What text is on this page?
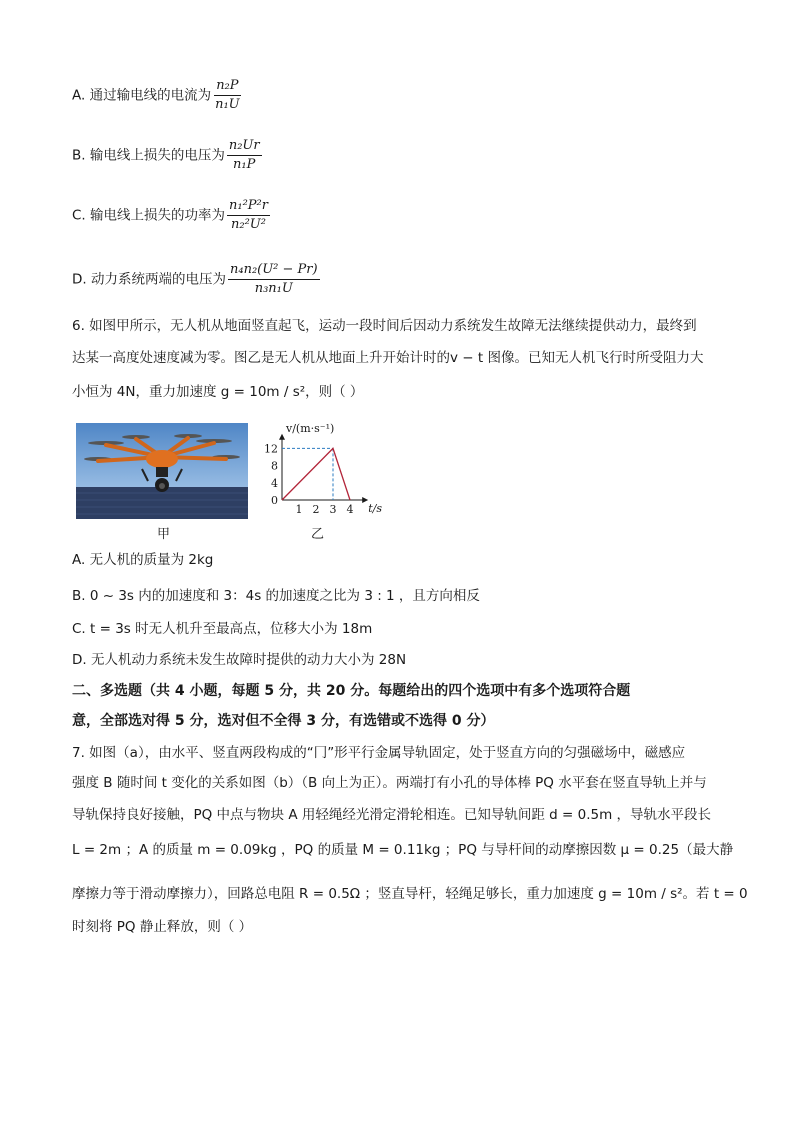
A. 通过输电线的电流为 $\frac{\text{n₂P}}{\text{n₁U}}$
B. 输电线上损失的电压为 $\frac{\text{n₂Ur}}{\text{n₁P}}$
C. 输电线上损失的功率为 $\frac{\text{n₁²P²r}}{\text{n₂²U²}}$
D. 动力系统两端的电压为 $\frac{\text{n₄n₂(U² − Pr)}}{\text{n₃n₁U}}$
6. 如图甲所示，无人机从地面竖直起飞，运动一段时间后因动力系统发生故障无法继续提供动力，最终到
达某一高度处速度减为零。图乙是无人机从地面上升开始计时的v − t 图像。已知无人机飞行时所受阻力大
小恒为 4N，重力加速度 g = 10m / s²，则（ ）
甲
v/(m·s⁻¹)
t/s
0
4
8
12
1 2 3 4
乙
A. 无人机的质量为 2kg
B. 0 ~ 3s 内的加速度和 3：4s 的加速度之比为 3 : 1 ，且方向相反
C. t = 3s 时无人机升至最高点，位移大小为 18m
D. 无人机动力系统未发生故障时提供的动力大小为 28N
二、多选题（共 4 小题，每题 5 分，共 20 分。每题给出的四个选项中有多个选项符合题
意，全部选对得 5 分，选对但不全得 3 分，有选错或不选得 0 分）
7. 如图（a），由水平、竖直两段构成的“冂”形平行金属导轨固定，处于竖直方向的匀强磁场中，磁感应
强度 B 随时间 t 变化的关系如图（b）（B 向上为正）。两端打有小孔的导体棒 PQ 水平套在竖直导轨上并与
导轨保持良好接触，PQ 中点与物块 A 用轻绳经光滑定滑轮相连。已知导轨间距 d = 0.5m ，导轨水平段长
L = 2m ；A 的质量 m = 0.09kg ，PQ 的质量 M = 0.11kg ；PQ 与导杆间的动摩擦因数 μ = 0.25（最大静
摩擦力等于滑动摩擦力），回路总电阻 R = 0.5Ω ；竖直导杆，轻绳足够长，重力加速度 g = 10m / s²。若 t = 0
时刻将 PQ 静止释放，则（ ）
